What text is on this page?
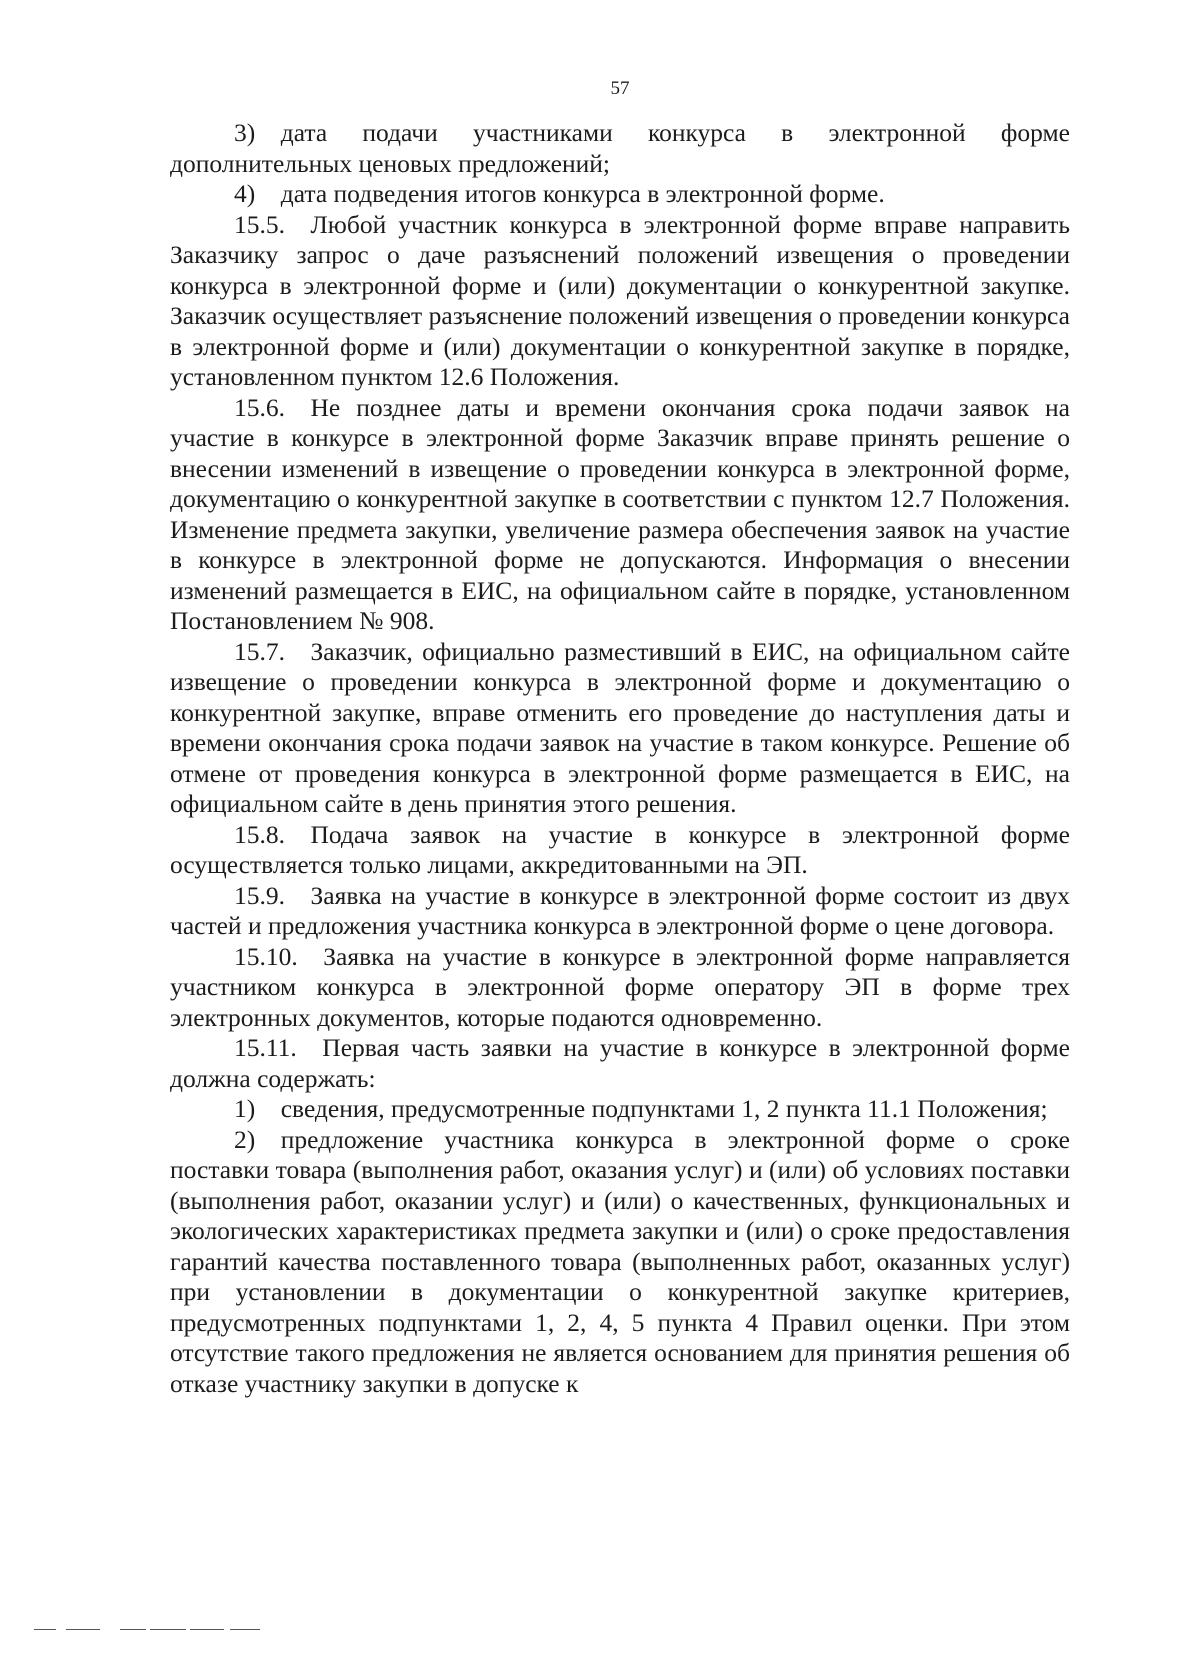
57

3) дата подачи участниками конкурса в электронной форме дополнительных ценовых предложений;

4) дата подведения итогов конкурса в электронной форме.

15.5. Любой участник конкурса в электронной форме вправе направить Заказчику запрос о даче разъяснений положений извещения о проведении конкурса в электронной форме и (или) документации о конкурентной закупке. Заказчик осуществляет разъяснение положений извещения о проведении конкурса в электронной форме и (или) документации о конкурентной закупке в порядке, установленном пунктом 12.6 Положения.

15.6. Не позднее даты и времени окончания срока подачи заявок на участие в конкурсе в электронной форме Заказчик вправе принять решение о внесении изменений в извещение о проведении конкурса в электронной форме, документацию о конкурентной закупке в соответствии с пунктом 12.7 Положения. Изменение предмета закупки, увеличение размера обеспечения заявок на участие в конкурсе в электронной форме не допускаются. Информация о внесении изменений размещается в ЕИС, на официальном сайте в порядке, установленном Постановлением № 908.

15.7. Заказчик, официально разместивший в ЕИС, на официальном сайте извещение о проведении конкурса в электронной форме и документацию о конкурентной закупке, вправе отменить его проведение до наступления даты и времени окончания срока подачи заявок на участие в таком конкурсе. Решение об отмене от проведения конкурса в электронной форме размещается в ЕИС, на официальном сайте в день принятия этого решения.

15.8. Подача заявок на участие в конкурсе в электронной форме осуществляется только лицами, аккредитованными на ЭП.

15.9. Заявка на участие в конкурсе в электронной форме состоит из двух частей и предложения участника конкурса в электронной форме о цене договора.

15.10. Заявка на участие в конкурсе в электронной форме направляется участником конкурса в электронной форме оператору ЭП в форме трех электронных документов, которые подаются одновременно.

15.11. Первая часть заявки на участие в конкурсе в электронной форме должна содержать:

1) сведения, предусмотренные подпунктами 1, 2 пункта 11.1 Положения;

2) предложение участника конкурса в электронной форме о сроке поставки товара (выполнения работ, оказания услуг) и (или) об условиях поставки (выполнения работ, оказании услуг) и (или) о качественных, функциональных и экологических характеристиках предмета закупки и (или) о сроке предоставления гарантий качества поставленного товара (выполненных работ, оказанных услуг) при установлении в документации о конкурентной закупке критериев, предусмотренных подпунктами 1, 2, 4, 5 пункта 4 Правил оценки. При этом отсутствие такого предложения не является основанием для принятия решения об отказе участнику закупки в допуске к
